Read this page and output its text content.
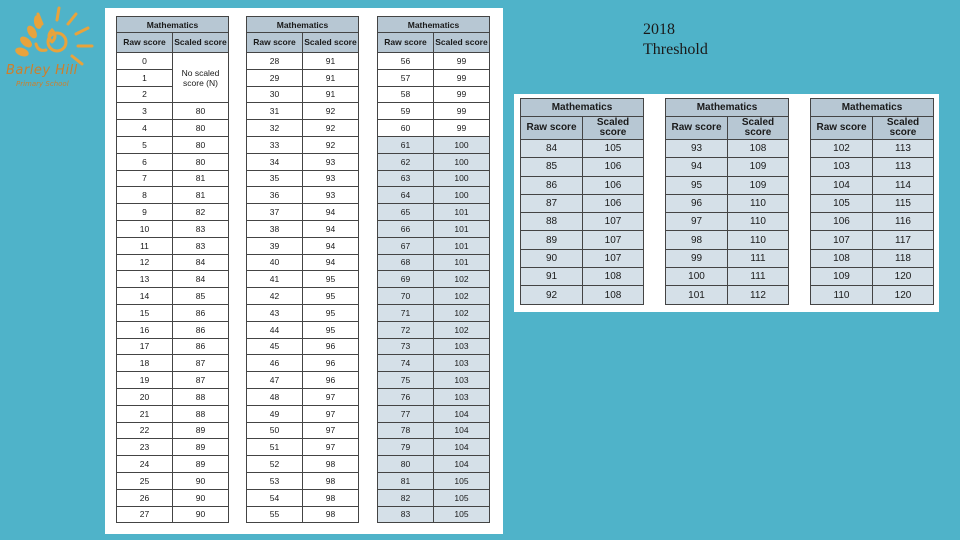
Barley Hill
Primary School
Mathematics	
Raw score	Scaled score
0	No scaled score (N)
1	
2	
3	80
4	80
5	80
6	80
7	81
8	81
9	82
10	83
11	83
12	84
13	84
14	85
15	86
16	86
17	86
18	87
19	87
20	88
21	88
22	89
23	89
24	89
25	90
26	90
27	90
Mathematics	
Raw score	Scaled score
28	91
29	91
30	91
31	92
32	92
33	92
34	93
35	93
36	93
37	94
38	94
39	94
40	94
41	95
42	95
43	95
44	95
45	96
46	96
47	96
48	97
49	97
50	97
51	97
52	98
53	98
54	98
55	98
Mathematics	
Raw score	Scaled score
56	99
57	99
58	99
59	99
60	99
61	100
62	100
63	100
64	100
65	101
66	101
67	101
68	101
69	102
70	102
71	102
72	102
73	103
74	103
75	103
76	103
77	104
78	104
79	104
80	104
81	105
82	105
83	105
Mathematics	
Raw score	Scaled score
84	105
85	106
86	106
87	106
88	107
89	107
90	107
91	108
92	108
Mathematics	
Raw score	Scaled score
93	108
94	109
95	109
96	110
97	110
98	110
99	111
100	111
101	112
Mathematics	
Raw score	Scaled score
102	113
103	113
104	114
105	115
106	116
107	117
108	118
109	120
110	120
2018
Threshold
